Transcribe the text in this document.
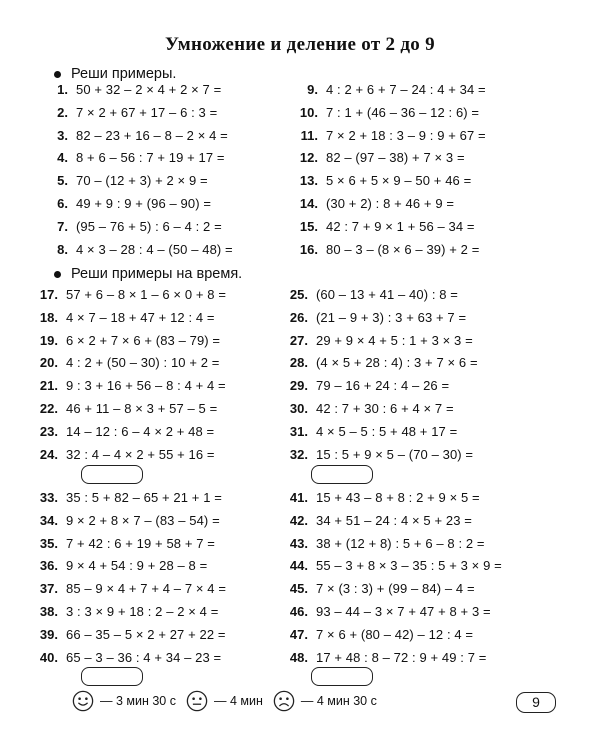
Умножение и деление от 2 до 9
Реши примеры.
1. 50 + 32 – 2 × 4 + 2 × 7 =
2. 7 × 2 + 67 + 17 – 6 : 3 =
3. 82 – 23 + 16 – 8 – 2 × 4 =
4. 8 + 6 – 56 : 7 + 19 + 17 =
5. 70 – (12 + 3) + 2 × 9 =
6. 49 + 9 : 9 + (96 – 90) =
7. (95 – 76 + 5) : 6 – 4 : 2 =
8. 4 × 3 – 28 : 4 – (50 – 48) =
9. 4 : 2 + 6 + 7 – 24 : 4 + 34 =
10. 7 : 1 + (46 – 36 – 12 : 6) =
11. 7 × 2 + 18 : 3 – 9 : 9 + 67 =
12. 82 – (97 – 38) + 7 × 3 =
13. 5 × 6 + 5 × 9 – 50 + 46 =
14. (30 + 2) : 8 + 46 + 9 =
15. 42 : 7 + 9 × 1 + 56 – 34 =
16. 80 – 3 – (8 × 6 – 39) + 2 =
Реши примеры на время.
17. 57 + 6 – 8 × 1 – 6 × 0 + 8 =
18. 4 × 7 – 18 + 47 + 12 : 4 =
19. 6 × 2 + 7 × 6 + (83 – 79) =
20. 4 : 2 + (50 – 30) : 10 + 2 =
21. 9 : 3 + 16 + 56 – 8 : 4 + 4 =
22. 46 + 11 – 8 × 3 + 57 – 5 =
23. 14 – 12 : 6 – 4 × 2 + 48 =
24. 32 : 4 – 4 × 2 + 55 + 16 =
25. (60 – 13 + 41 – 40) : 8 =
26. (21 – 9 + 3) : 3 + 63 + 7 =
27. 29 + 9 × 4 + 5 : 1 + 3 × 3 =
28. (4 × 5 + 28 : 4) : 3 + 7 × 6 =
29. 79 – 16 + 24 : 4 – 26 =
30. 42 : 7 + 30 : 6 + 4 × 7 =
31. 4 × 5 – 5 : 5 + 48 + 17 =
32. 15 : 5 + 9 × 5 – (70 – 30) =
33. 35 : 5 + 82 – 65 + 21 + 1 =
34. 9 × 2 + 8 × 7 – (83 – 54) =
35. 7 + 42 : 6 + 19 + 58 + 7 =
36. 9 × 4 + 54 : 9 + 28 – 8 =
37. 85 – 9 × 4 + 7 + 4 – 7 × 4 =
38. 3 : 3 × 9 + 18 : 2 – 2 × 4 =
39. 66 – 35 – 5 × 2 + 27 + 22 =
40. 65 – 3 – 36 : 4 + 34 – 23 =
41. 15 + 43 – 8 + 8 : 2 + 9 × 5 =
42. 34 + 51 – 24 : 4 × 5 + 23 =
43. 38 + (12 + 8) : 5 + 6 – 8 : 2 =
44. 55 – 3 + 8 × 3 – 35 : 5 + 3 × 9 =
45. 7 × (3 : 3) + (99 – 84) – 4 =
46. 93 – 44 – 3 × 7 + 47 + 8 + 3 =
47. 7 × 6 + (80 – 42) – 12 : 4 =
48. 17 + 48 : 8 – 72 : 9 + 49 : 7 =
— 3 мин 30 с	— 4 мин	— 4 мин 30 с	9
